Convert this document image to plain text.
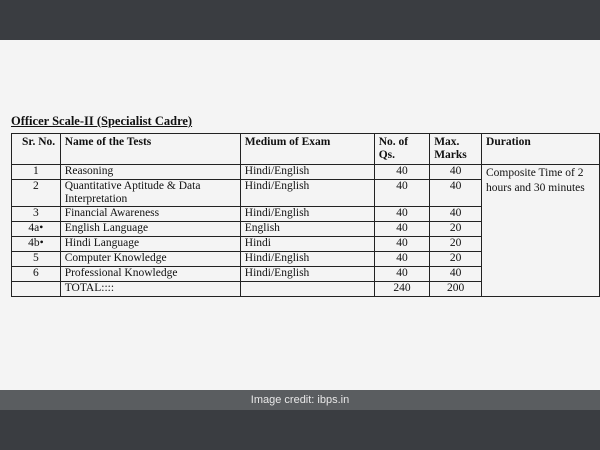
Officer Scale-II (Specialist Cadre)
Sr. No.	Name of the Tests	Medium of Exam	No. of Qs.	Max. Marks	Duration
1	Reasoning	Hindi/English	40	40	Composite Time of 2 hours and 30 minutes
2	Quantitative Aptitude & Data Interpretation	Hindi/English	40	40	
3	Financial Awareness	Hindi/English	40	40	
4a•	English Language	English	40	20	
4b•	Hindi Language	Hindi	40	20	
5	Computer Knowledge	Hindi/English	40	20	
6	Professional Knowledge	Hindi/English	40	40	
	TOTAL::::		240	200	
Image credit: ibps.in
